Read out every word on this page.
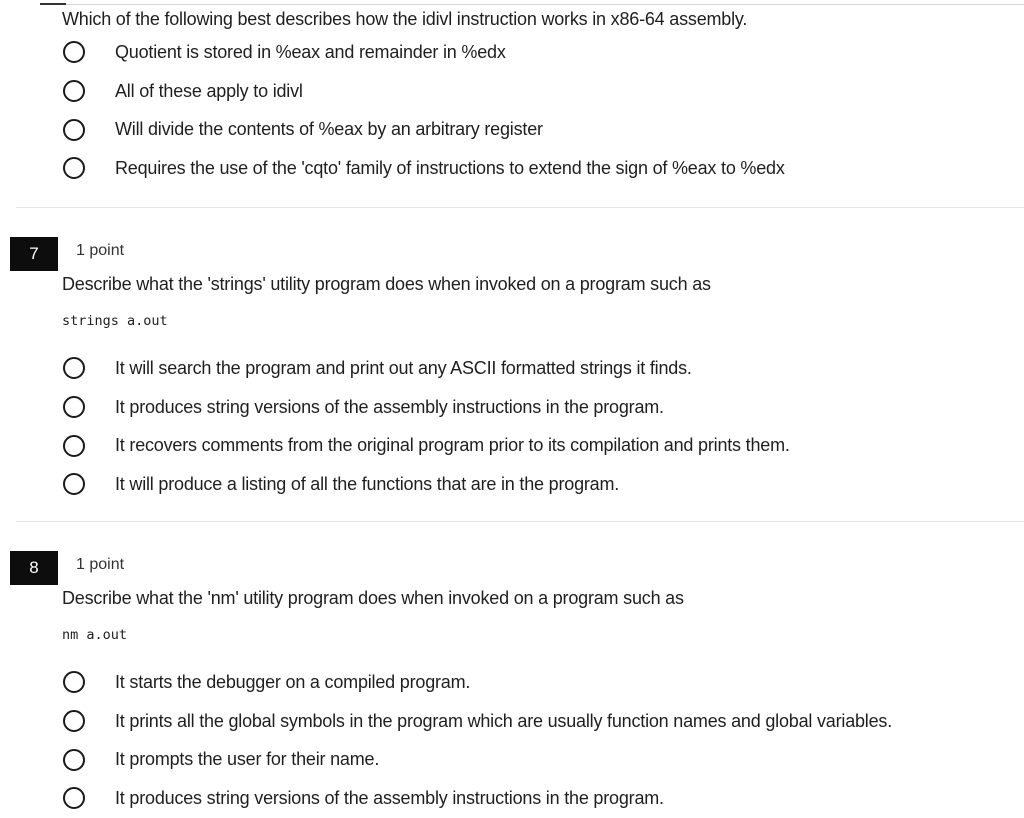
Which of the following best describes how the idivl instruction works in x86-64 assembly.
Quotient is stored in %eax and remainder in %edx
All of these apply to idivl
Will divide the contents of %eax by an arbitrary register
Requires the use of the 'cqto' family of instructions to extend the sign of %eax to %edx
7	1 point
Describe what the 'strings' utility program does when invoked on a program such as
strings a.out
It will search the program and print out any ASCII formatted strings it finds.
It produces string versions of the assembly instructions in the program.
It recovers comments from the original program prior to its compilation and prints them.
It will produce a listing of all the functions that are in the program.
8	1 point
Describe what the 'nm' utility program does when invoked on a program such as
nm a.out
It starts the debugger on a compiled program.
It prints all the global symbols in the program which are usually function names and global variables.
It prompts the user for their name.
It produces string versions of the assembly instructions in the program.
